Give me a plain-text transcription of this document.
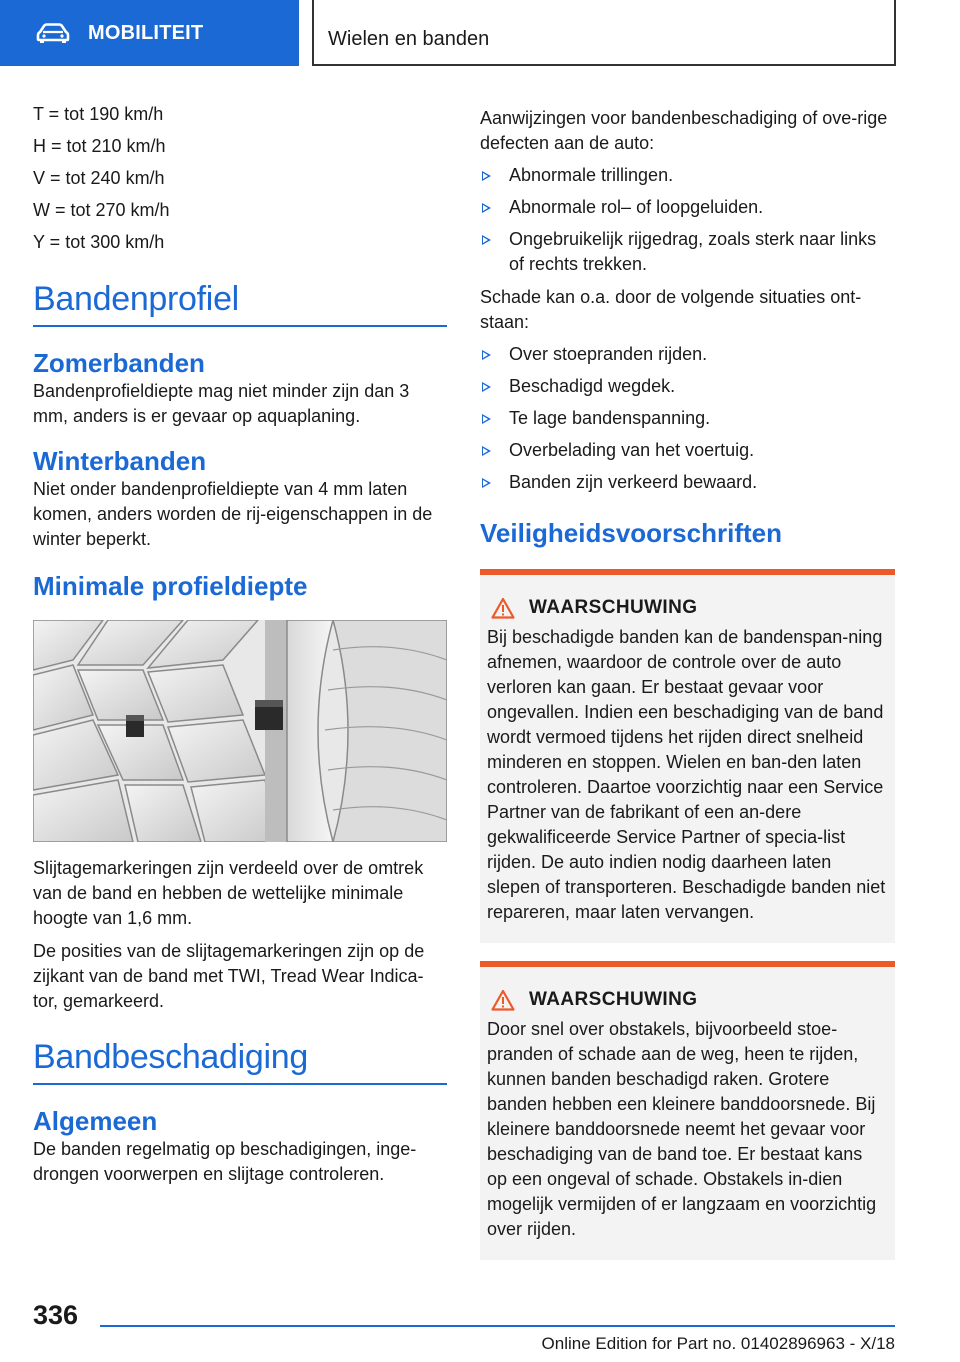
MOBILITEIT	Wielen en banden
T = tot 190 km/h
H = tot 210 km/h
V = tot 240 km/h
W = tot 270 km/h
Y = tot 300 km/h
Bandenprofiel
Zomerbanden
Bandenprofieldiepte mag niet minder zijn dan 3 mm, anders is er gevaar op aquaplaning.
Winterbanden
Niet onder bandenprofieldiepte van 4 mm laten komen, anders worden de rij-eigenschappen in de winter beperkt.
Minimale profieldiepte
Slijtagemarkeringen zijn verdeeld over de omtrek van de band en hebben de wettelijke minimale hoogte van 1,6 mm.
De posities van de slijtagemarkeringen zijn op de zijkant van de band met TWI, Tread Wear Indica-tor, gemarkeerd.
Bandbeschadiging
Algemeen
De banden regelmatig op beschadigingen, inge-drongen voorwerpen en slijtage controleren.
Aanwijzingen voor bandenbeschadiging of ove-rige defecten aan de auto:
Abnormale trillingen.
Abnormale rol– of loopgeluiden.
Ongebruikelijk rijgedrag, zoals sterk naar links of rechts trekken.
Schade kan o.a. door de volgende situaties ont-staan:
Over stoepranden rijden.
Beschadigd wegdek.
Te lage bandenspanning.
Overbelading van het voertuig.
Banden zijn verkeerd bewaard.
Veiligheidsvoorschriften
WAARSCHUWING
Bij beschadigde banden kan de bandenspan-ning afnemen, waardoor de controle over de auto verloren kan gaan. Er bestaat gevaar voor ongevallen. Indien een beschadiging van de band wordt vermoed tijdens het rijden direct snelheid minderen en stoppen. Wielen en ban-den laten controleren. Daartoe voorzichtig naar een Service Partner van de fabrikant of een an-dere gekwalificeerde Service Partner of specia-list rijden. De auto indien nodig daarheen laten slepen of transporteren. Beschadigde banden niet repareren, maar laten vervangen.
WAARSCHUWING
Door snel over obstakels, bijvoorbeeld stoe-pranden of schade aan de weg, heen te rijden, kunnen banden beschadigd raken. Grotere banden hebben een kleinere banddoorsnede. Bij kleinere banddoorsnede neemt het gevaar voor beschadiging van de band toe. Er bestaat kans op een ongeval of schade. Obstakels in-dien mogelijk vermijden of er langzaam en voorzichtig over rijden.
336
Online Edition for Part no. 01402896963 - X/18
